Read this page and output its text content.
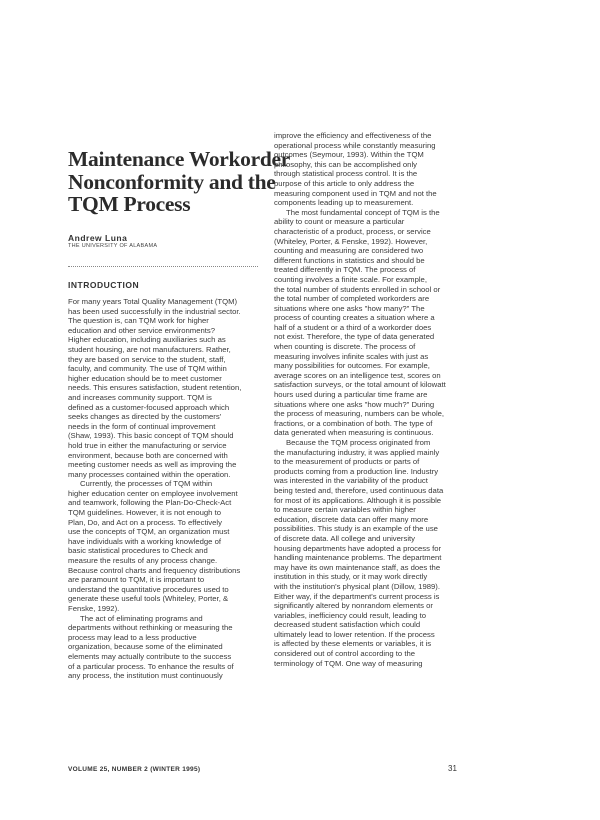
Maintenance Workorder
Nonconformity and the
TQM Process
Andrew Luna
THE UNIVERSITY OF ALABAMA
INTRODUCTION
For many years Total Quality Management (TQM)
has been used successfully in the industrial sector.
The question is, can TQM work for higher
education and other service environments?
Higher education, including auxiliaries such as
student housing, are not manufacturers. Rather,
they are based on service to the student, staff,
faculty, and community. The use of TQM within
higher education should be to meet customer
needs. This ensures satisfaction, student retention,
and increases community support. TQM is
defined as a customer-focused approach which
seeks changes as directed by the customers'
needs in the form of continual improvement
(Shaw, 1993). This basic concept of TQM should
hold true in either the manufacturing or service
environment, because both are concerned with
meeting customer needs as well as improving the
many processes contained within the operation.
Currently, the processes of TQM within
higher education center on employee involvement
and teamwork, following the Plan-Do-Check-Act
TQM guidelines. However, it is not enough to
Plan, Do, and Act on a process. To effectively
use the concepts of TQM, an organization must
have individuals with a working knowledge of
basic statistical procedures to Check and
measure the results of any process change.
Because control charts and frequency distributions
are paramount to TQM, it is important to
understand the quantitative procedures used to
generate these useful tools (Whiteley, Porter, &
Fenske, 1992).
The act of eliminating programs and
departments without rethinking or measuring the
process may lead to a less productive
organization, because some of the eliminated
elements may actually contribute to the success
of a particular process. To enhance the results of
any process, the institution must continuously
improve the efficiency and effectiveness of the
operational process while constantly measuring
outcomes (Seymour, 1993). Within the TQM
philosophy, this can be accomplished only
through statistical process control. It is the
purpose of this article to only address the
measuring component used in TQM and not the
components leading up to measurement.
The most fundamental concept of TQM is the
ability to count or measure a particular
characteristic of a product, process, or service
(Whiteley, Porter, & Fenske, 1992). However,
counting and measuring are considered two
different functions in statistics and should be
treated differently in TQM. The process of
counting involves a finite scale. For example,
the total number of students enrolled in school or
the total number of completed workorders are
situations where one asks "how many?" The
process of counting creates a situation where a
half of a student or a third of a workorder does
not exist. Therefore, the type of data generated
when counting is discrete. The process of
measuring involves infinite scales with just as
many possibilities for outcomes. For example,
average scores on an intelligence test, scores on
satisfaction surveys, or the total amount of kilowatt
hours used during a particular time frame are
situations where one asks "how much?" During
the process of measuring, numbers can be whole,
fractions, or a combination of both. The type of
data generated when measuring is continuous.
Because the TQM process originated from
the manufacturing industry, it was applied mainly
to the measurement of products or parts of
products coming from a production line. Industry
was interested in the variability of the product
being tested and, therefore, used continuous data
for most of its applications. Although it is possible
to measure certain variables within higher
education, discrete data can offer many more
possibilities. This study is an example of the use
of discrete data. All college and university
housing departments have adopted a process for
handling maintenance problems. The department
may have its own maintenance staff, as does the
institution in this study, or it may work directly
with the institution's physical plant (Dillow, 1989).
Either way, if the department's current process is
significantly altered by nonrandom elements or
variables, inefficiency could result, leading to
decreased student satisfaction which could
ultimately lead to lower retention. If the process
is affected by these elements or variables, it is
considered out of control according to the
terminology of TQM. One way of measuring
VOLUME 25, NUMBER 2 (WINTER 1995)	31
